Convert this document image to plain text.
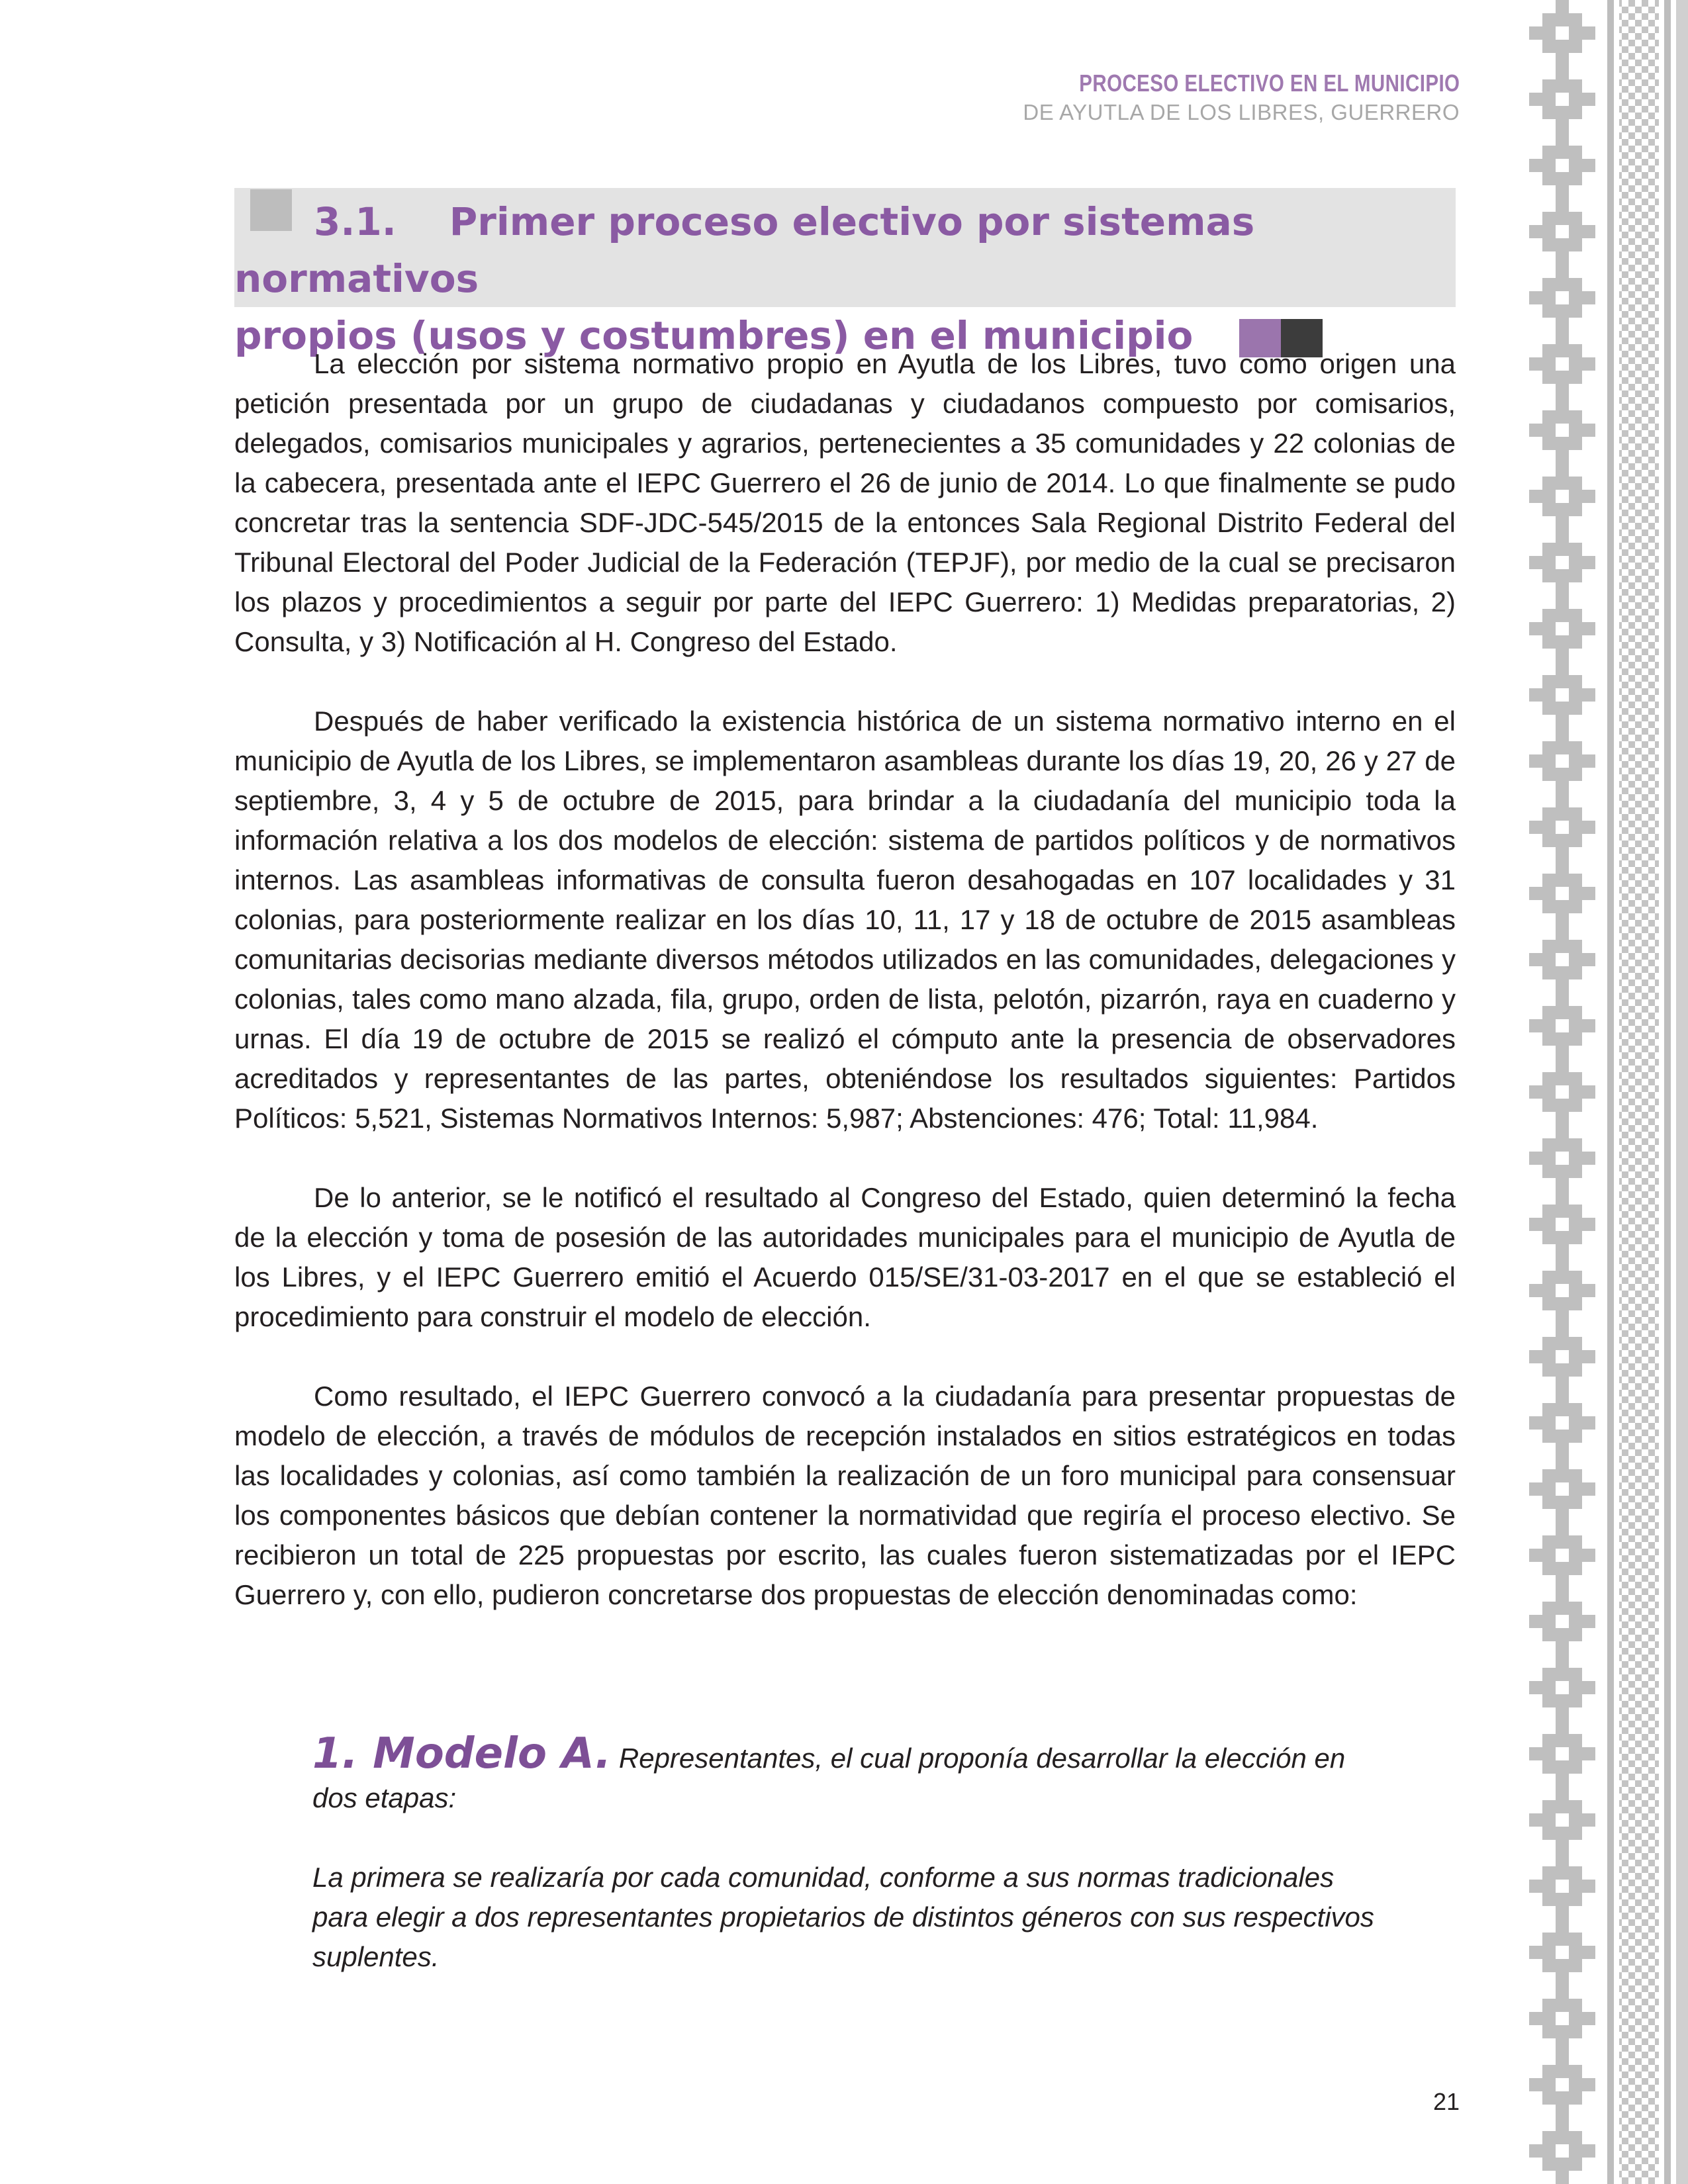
PROCESO ELECTIVO EN EL MUNICIPIO
DE AYUTLA DE LOS LIBRES, GUERRERO
3.1. Primer proceso electivo por sistemas normativos
propios (usos y costumbres) en el municipio

La elección por sistema normativo propio en Ayutla de los Libres, tuvo como origen una petición presentada por un grupo de ciudadanas y ciudadanos compuesto por comisarios, delegados, comisarios municipales y agrarios, pertenecientes a 35 comunidades y 22 colonias de la cabecera, presentada ante el IEPC Guerrero el 26 de junio de 2014. Lo que finalmente se pudo concretar tras la sentencia SDF-JDC-545/2015 de la entonces Sala Regional Distrito Federal del Tribunal Electoral del Poder Judicial de la Federación (TEPJF), por medio de la cual se precisaron los plazos y procedimientos a seguir por parte del IEPC Guerrero: 1) Medidas preparatorias, 2) Consulta, y 3) Notificación al H. Congreso del Estado.

Después de haber verificado la existencia histórica de un sistema normativo interno en el municipio de Ayutla de los Libres, se implementaron asambleas durante los días 19, 20, 26 y 27 de septiembre, 3, 4 y 5 de octubre de 2015, para brindar a la ciudadanía del municipio toda la información relativa a los dos modelos de elección: sistema de partidos políticos y de normativos internos. Las asambleas informativas de consulta fueron desahogadas en 107 localidades y 31 colonias, para posteriormente realizar en los días 10, 11, 17 y 18 de octubre de 2015 asambleas comunitarias decisorias mediante diversos métodos utilizados en las comunidades, delegaciones y colonias, tales como mano alzada, fila, grupo, orden de lista, pelotón, pizarrón, raya en cuaderno y urnas. El día 19 de octubre de 2015 se realizó el cómputo ante la presencia de observadores acreditados y representantes de las partes, obteniéndose los resultados siguientes: Partidos Políticos: 5,521, Sistemas Normativos Internos: 5,987; Abstenciones: 476; Total: 11,984.

De lo anterior, se le notificó el resultado al Congreso del Estado, quien determinó la fecha de la elección y toma de posesión de las autoridades municipales para el municipio de Ayutla de los Libres, y el IEPC Guerrero emitió el Acuerdo 015/SE/31-03-2017 en el que se estableció el procedimiento para construir el modelo de elección.

Como resultado, el IEPC Guerrero convocó a la ciudadanía para presentar propuestas de modelo de elección, a través de módulos de recepción instalados en sitios estratégicos en todas las localidades y colonias, así como también la realización de un foro municipal para consensuar los componentes básicos que debían contener la normatividad que regiría el proceso electivo. Se recibieron un total de 225 propuestas por escrito, las cuales fueron sistematizadas por el IEPC Guerrero y, con ello, pudieron concretarse dos propuestas de elección denominadas como:

1. Modelo A. Representantes, el cual proponía desarrollar la elección en dos etapas:

La primera se realizaría por cada comunidad, conforme a sus normas tradicionales para elegir a dos representantes propietarios de distintos géneros con sus respectivos suplentes.

21
